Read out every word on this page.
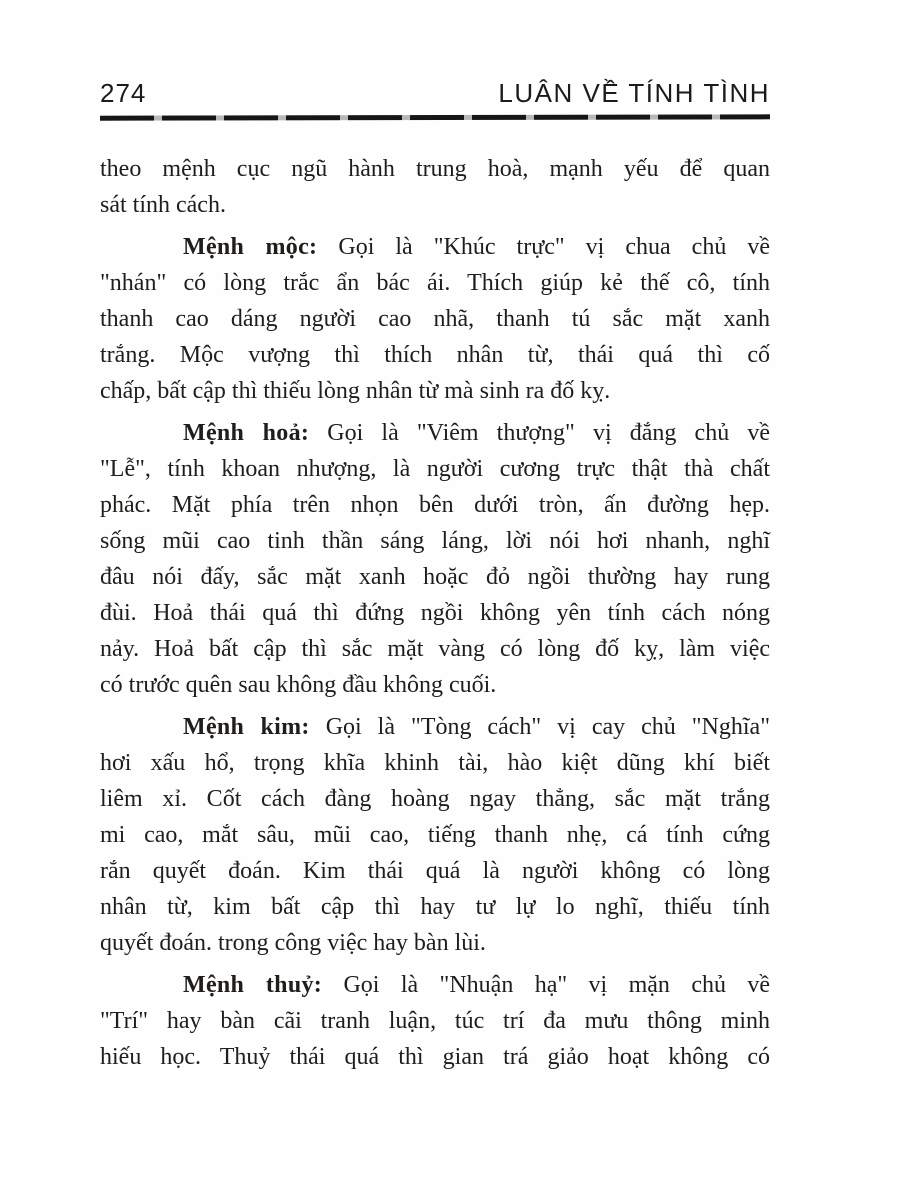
274	LUÂN VỀ TÍNH TÌNH
theo mệnh cục ngũ hành trung hoà, mạnh yếu để quan
sát tính cách.
Mệnh mộc: Gọi là "Khúc trực" vị chua chủ về
"nhán" có lòng trắc ẩn bác ái. Thích giúp kẻ thế cô, tính
thanh cao dáng người cao nhã, thanh tú sắc mặt xanh
trắng. Mộc vượng thì thích nhân từ, thái quá thì cố
chấp, bất cập thì thiếu lòng nhân từ mà sinh ra đố kỵ.
Mệnh hoả: Gọi là "Viêm thượng" vị đắng chủ về
"Lễ", tính khoan nhượng, là người cương trực thật thà chất
phác. Mặt phía trên nhọn bên dưới tròn, ấn đường hẹp.
sống mũi cao tinh thần sáng láng, lời nói hơi nhanh, nghĩ
đâu nói đấy, sắc mặt xanh hoặc đỏ ngồi thường hay rung
đùi. Hoả thái quá thì đứng ngồi không yên tính cách nóng
nảy. Hoả bất cập thì sắc mặt vàng có lòng đố kỵ, làm việc
có trước quên sau không đầu không cuối.
Mệnh kim: Gọi là "Tòng cách" vị cay chủ "Nghĩa"
hơi xấu hổ, trọng khĩa khinh tài, hào kiệt dũng khí biết
liêm xỉ. Cốt cách đàng hoàng ngay thẳng, sắc mặt trắng
mi cao, mắt sâu, mũi cao, tiếng thanh nhẹ, cá tính cứng
rắn quyết đoán. Kim thái quá là người không có lòng
nhân từ, kim bất cập thì hay tư lự lo nghĩ, thiếu tính
quyết đoán. trong công việc hay bàn lùi.
Mệnh thuỷ: Gọi là "Nhuận hạ" vị mặn chủ về
"Trí" hay bàn cãi tranh luận, túc trí đa mưu thông minh
hiếu học. Thuỷ thái quá thì gian trá giảo hoạt không có
